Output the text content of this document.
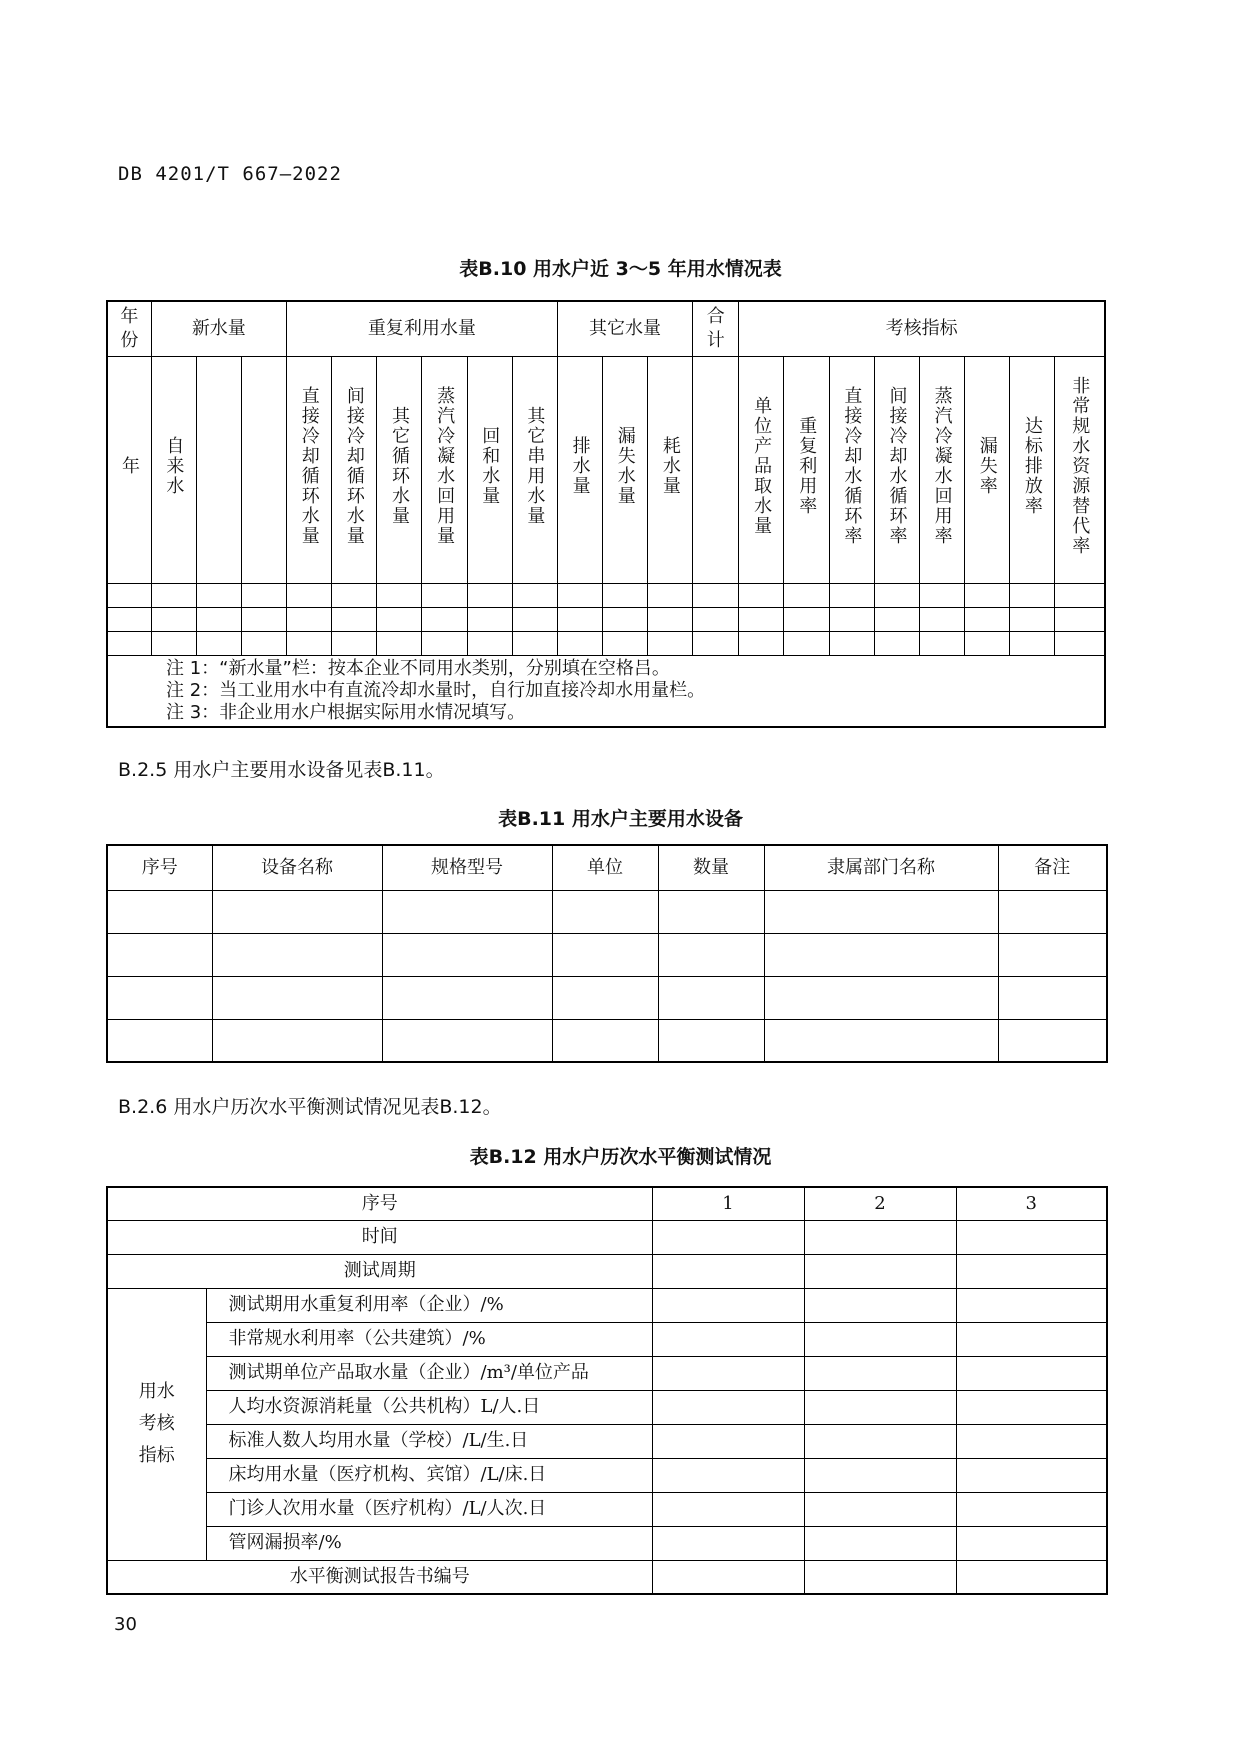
DB 4201/T 667—2022
表B.10 用水户近 3～5 年用水情况表
年份	新水量			重复利用水量						其它水量			合计	考核指标							
年	自来水			直接冷却循环水量	间接冷却循环水量	其它循环水量	蒸汽冷凝水回用量	回和水量	其它串用水量	排水量	漏失水量	耗水量		单位产品取水量	重复利用率	直接冷却水循环率	间接冷却水循环率	蒸汽冷凝水回用率	漏失率	达标排放率	非常规水资源替代率

注 1：“新水量”栏：按本企业不同用水类别，分别填在空格吕。
注 2：当工业用水中有直流冷却水量时，自行加直接冷却水用量栏。
注 3：非企业用水户根据实际用水情况填写。																					
B.2.5 用水户主要用水设备见表B.11。
表B.11 用水户主要用水设备
序号	设备名称	规格型号	单位	数量	隶属部门名称	备注

B.2.6 用水户历次水平衡测试情况见表B.12。
表B.12 用水户历次水平衡测试情况
序号		1	2	3
时间				
测试周期				
用水考核指标	测试期用水重复利用率（企业）/%			
	非常规水利用率（公共建筑）/%			
	测试期单位产品取水量（企业）/m³/单位产品			
	人均水资源消耗量（公共机构）L/人.日			
	标准人数人均用水量（学校）/L/生.日			
	床均用水量（医疗机构、宾馆）/L/床.日			
	门诊人次用水量（医疗机构）/L/人次.日			
	管网漏损率/%			
水平衡测试报告书编号				
30
